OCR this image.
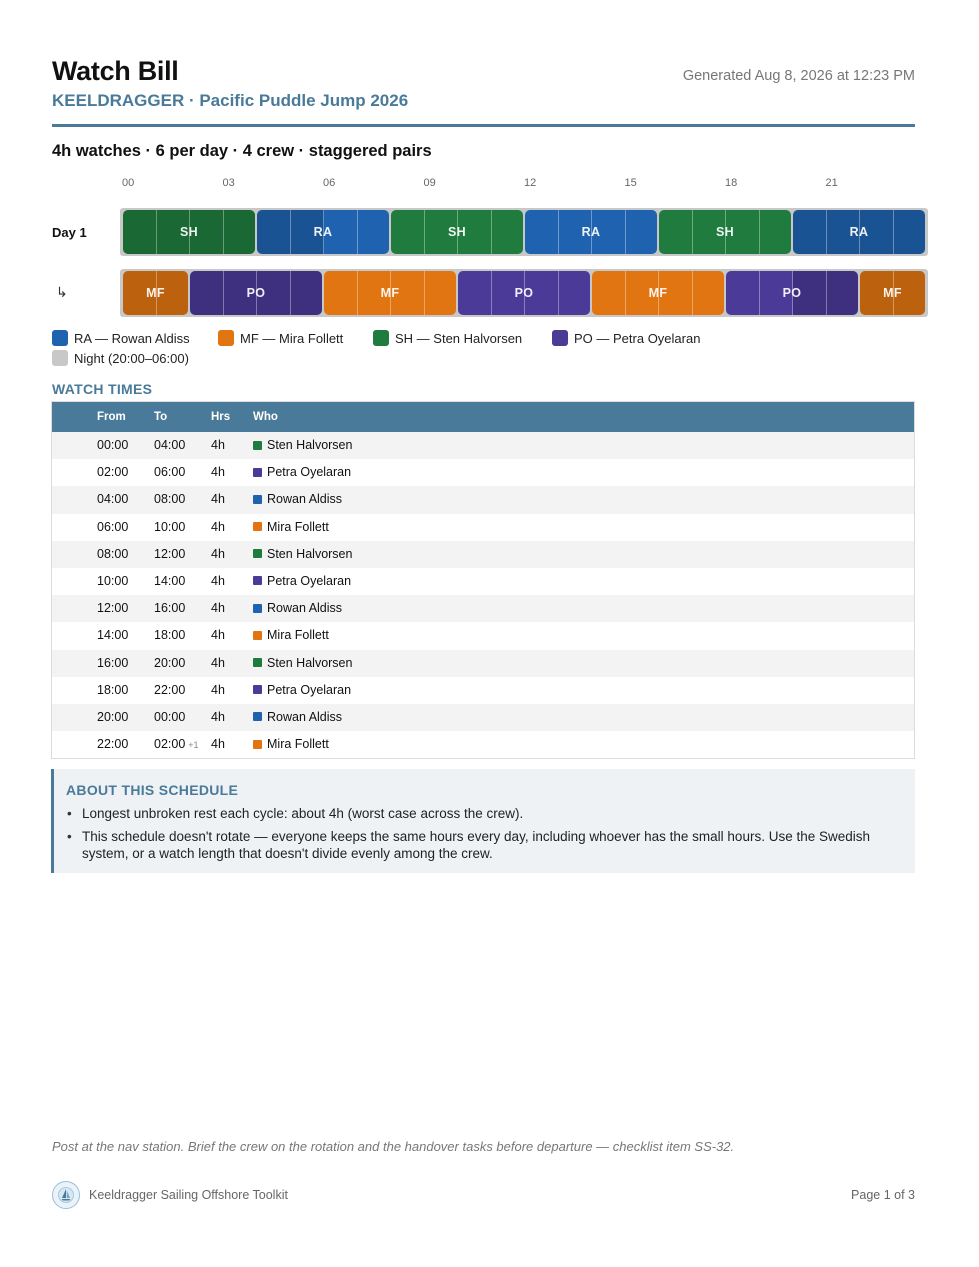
Watch Bill
KEELDRAGGER · Pacific Puddle Jump 2026
Generated Aug 8, 2026 at 12:23 PM
4h watches · 6 per day · 4 crew · staggered pairs
00	03	06	09	12	15	18	21
Day 1	SH	RA	SH	RA	SH	RA
↳	MF	PO	MF	PO	MF	PO	MF
RA — Rowan Aldiss	MF — Mira Follett	SH — Sten Halvorsen	PO — Petra Oyelaran
Night (20:00–06:00)
WATCH TIMES
From To	Hrs Who
00:00 04:00 4h	Sten Halvorsen
02:00 06:00 4h	Petra Oyelaran
04:00 08:00 4h	Rowan Aldiss
06:00 10:00 4h	Mira Follett
08:00 12:00 4h	Sten Halvorsen
10:00 14:00 4h	Petra Oyelaran
12:00 16:00 4h	Rowan Aldiss
14:00 18:00 4h	Mira Follett
16:00 20:00 4h	Sten Halvorsen
18:00 22:00 4h	Petra Oyelaran
20:00 00:00 4h	Rowan Aldiss
22:00 02:00 +1 4h	Mira Follett
ABOUT THIS SCHEDULE
• Longest unbroken rest each cycle: about 4h (worst case across the crew).
• This schedule doesn't rotate — everyone keeps the same hours every day, including whoever has the small hours. Use the Swedish system, or a watch length that doesn't divide evenly among the crew.
Post at the nav station. Brief the crew on the rotation and the handover tasks before departure — checklist item SS-32.
Keeldragger Sailing Offshore Toolkit	Page 1 of 3
